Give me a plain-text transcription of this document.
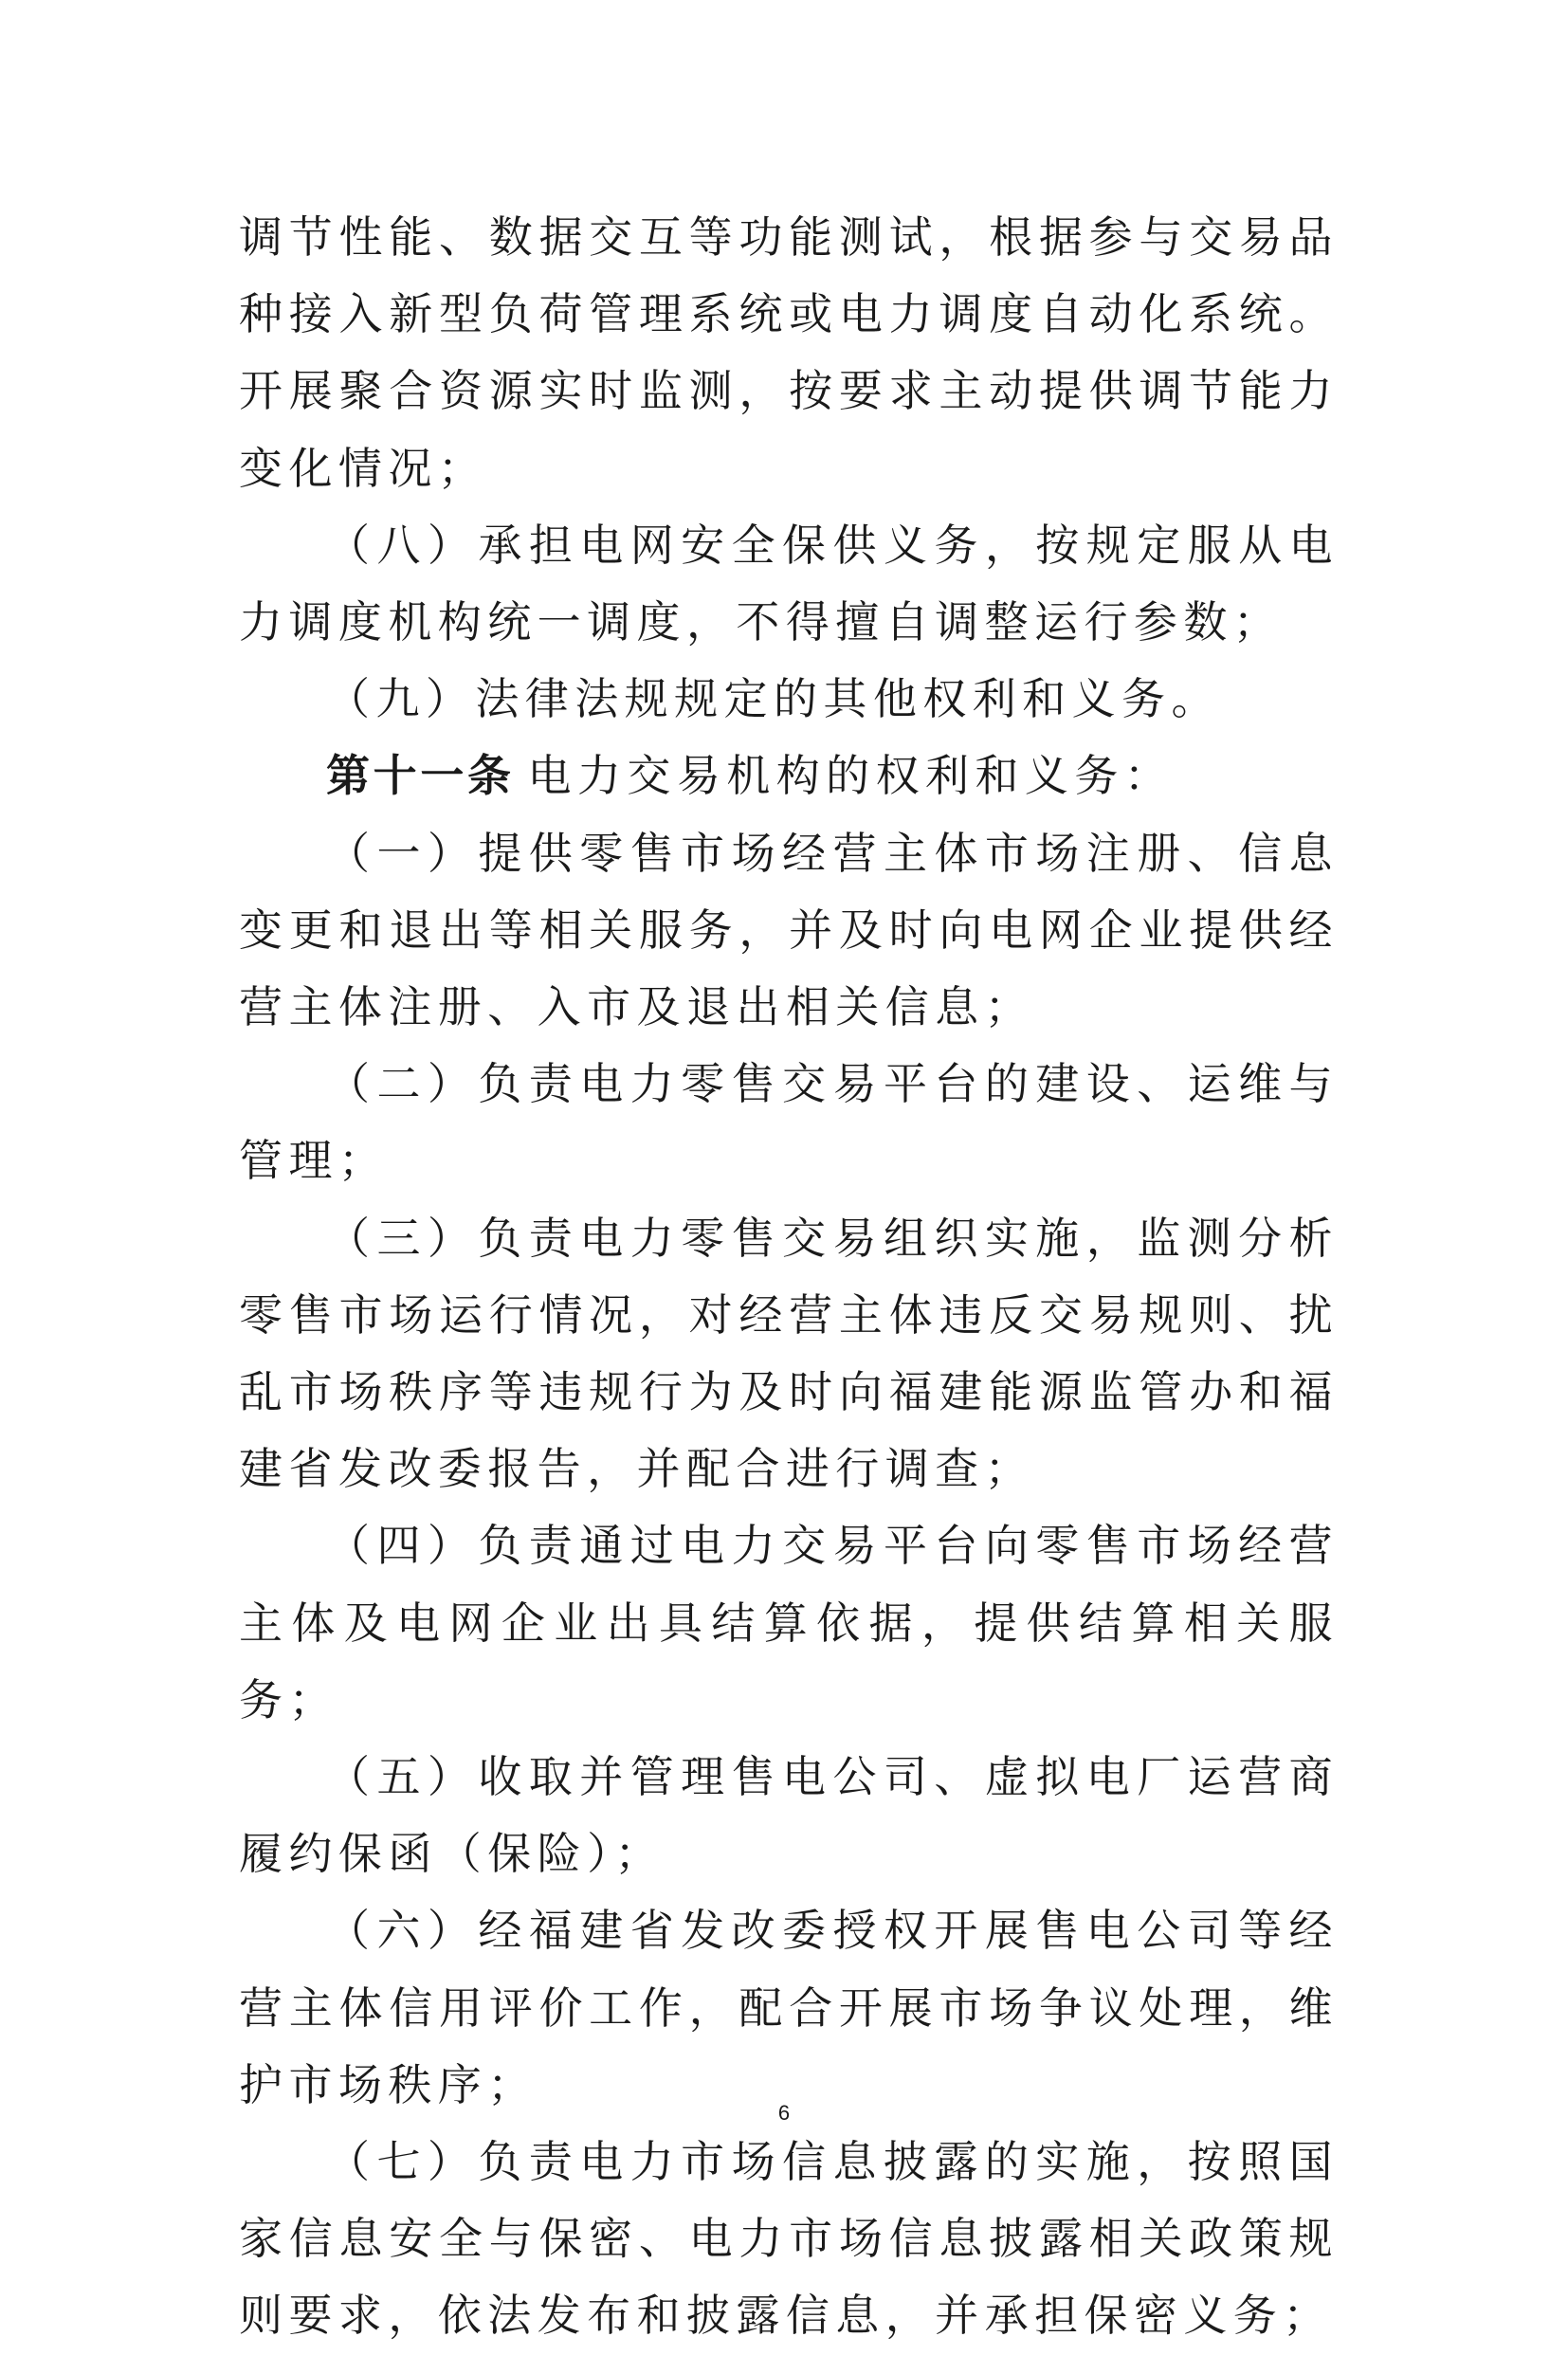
调节性能、数据交互等功能测试，根据参与交易品种接入新型负荷管理系统或电力调度自动化系统。开展聚合资源实时监测，按要求主动提供调节能力变化情况；

（八）承担电网安全保供义务，按规定服从电力调度机构统一调度，不得擅自调整运行参数；

（九）法律法规规定的其他权利和义务。

第十一条 电力交易机构的权利和义务：

（一）提供零售市场经营主体市场注册、信息变更和退出等相关服务，并及时向电网企业提供经营主体注册、入市及退出相关信息；

（二）负责电力零售交易平台的建设、运维与管理；

（三）负责电力零售交易组织实施，监测分析零售市场运行情况，对经营主体违反交易规则、扰乱市场秩序等违规行为及时向福建能源监管办和福建省发改委报告，并配合进行调查；

（四）负责通过电力交易平台向零售市场经营主体及电网企业出具结算依据，提供结算相关服务；

（五）收取并管理售电公司、虚拟电厂运营商履约保函（保险）；

（六）经福建省发改委授权开展售电公司等经营主体信用评价工作，配合开展市场争议处理，维护市场秩序；

（七）负责电力市场信息披露的实施，按照国家信息安全与保密、电力市场信息披露相关政策规则要求，依法发布和披露信息，并承担保密义务；

6
